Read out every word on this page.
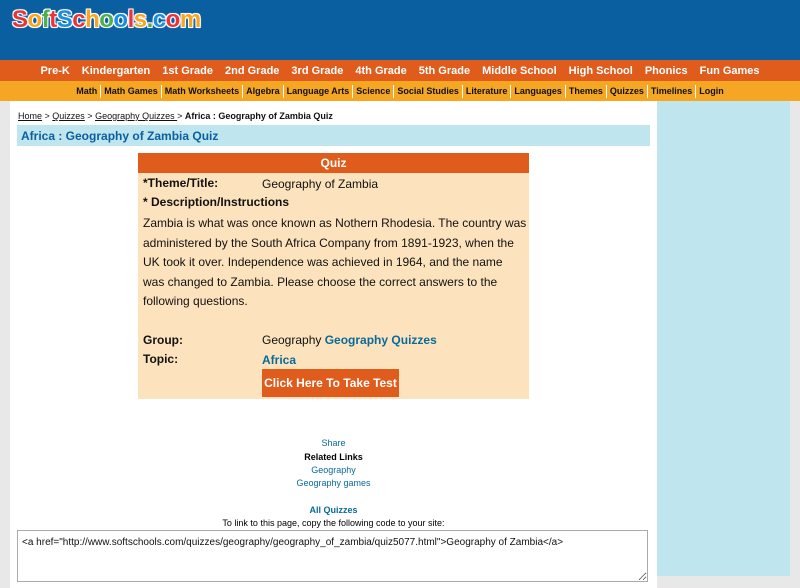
SoftSchools.com
Pre-K	Kindergarten	1st Grade	2nd Grade	3rd Grade	4th Grade	5th Grade	Middle School	High School	Phonics	Fun Games
Math Math Games Math Worksheets Algebra Language Arts Science Social Studies Literature Languages Themes Quizzes Timelines Login
Home > Quizzes > Geography Quizzes > Africa : Geography of Zambia Quiz
Africa : Geography of Zambia Quiz
Quiz
*Theme/Title:	Geography of Zambia
* Description/Instructions
Zambia is what was once known as Nothern Rhodesia. The country was administered by the South Africa Company from 1891-1923, when the UK took it over. Independence was achieved in 1964, and the name was changed to Zambia. Please choose the correct answers to the following questions.
Group:	Geography Geography Quizzes
Topic:	Africa
Click Here To Take Test
Share
Related Links
Geography
Geography games
All Quizzes
To link to this page, copy the following code to your site:
<a href="http://www.softschools.com/quizzes/geography/geography_of_zambia/quiz5077.html">Geography of Zambia</a>
